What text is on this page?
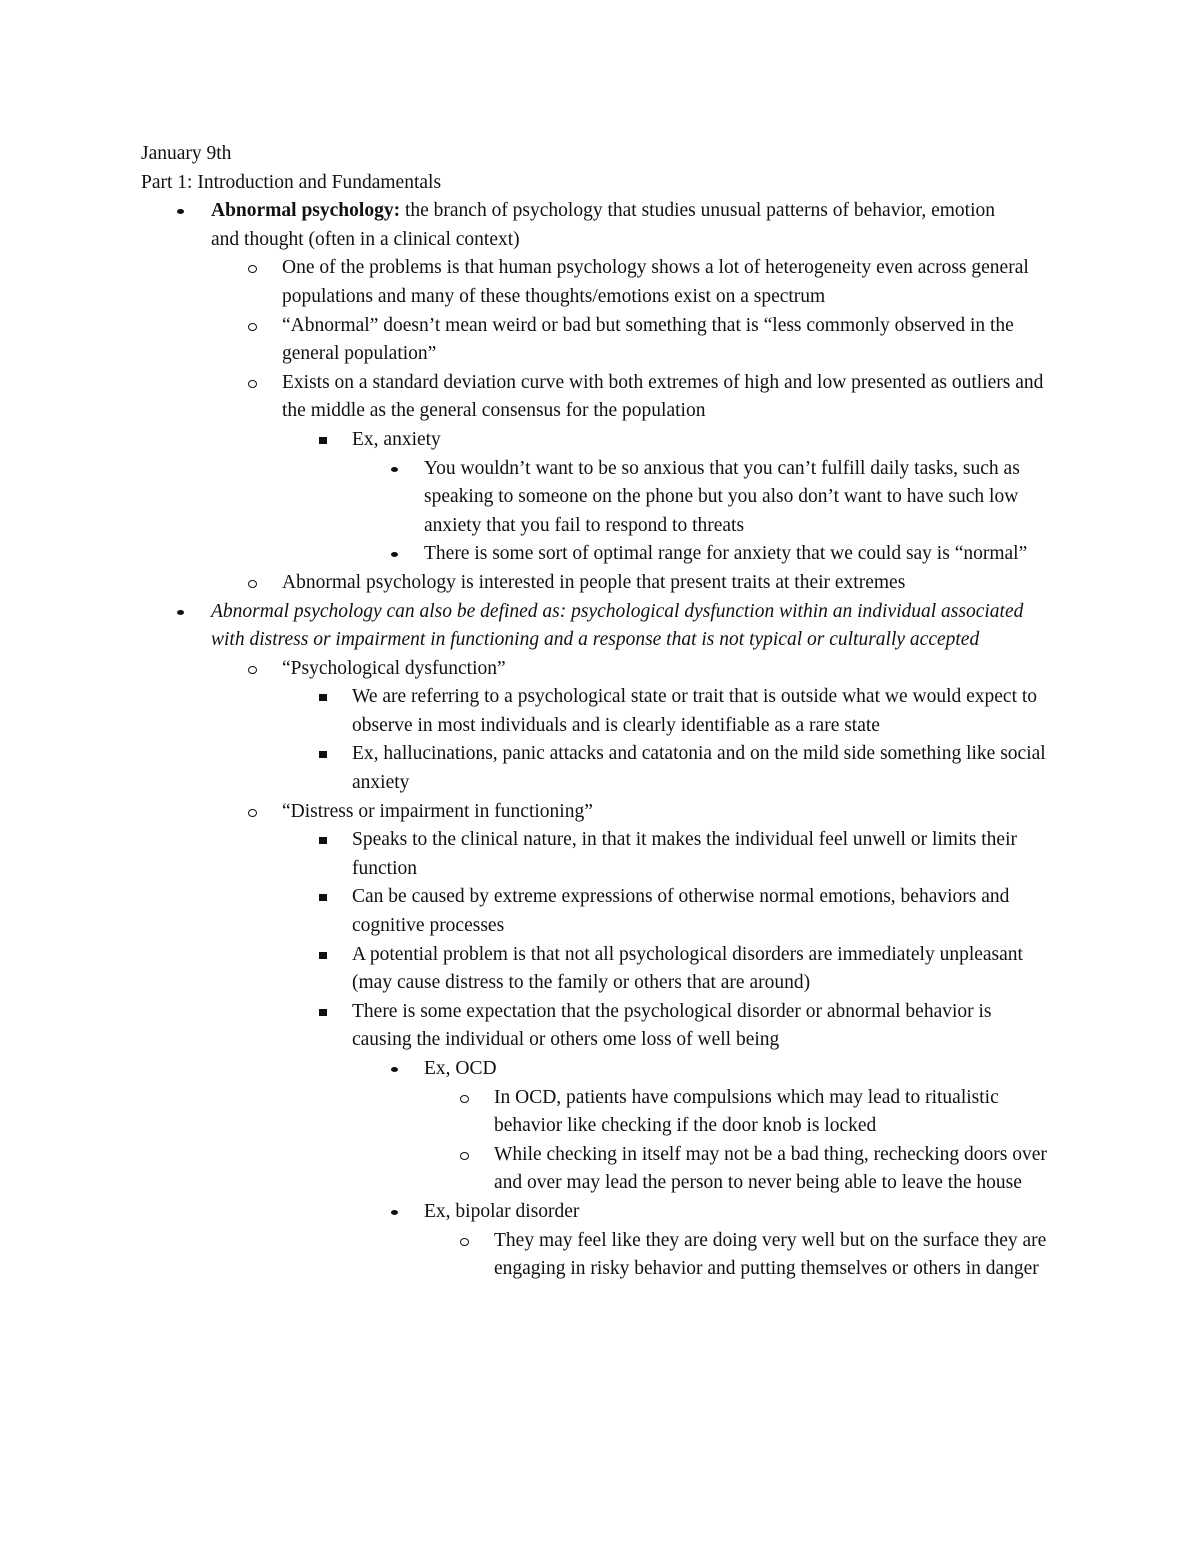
January 9th
Part 1: Introduction and Fundamentals
Abnormal psychology: the branch of psychology that studies unusual patterns of behavior, emotion and thought (often in a clinical context)
One of the problems is that human psychology shows a lot of heterogeneity even across general populations and many of these thoughts/emotions exist on a spectrum
“Abnormal” doesn’t mean weird or bad but something that is “less commonly observed in the general population”
Exists on a standard deviation curve with both extremes of high and low presented as outliers and the middle as the general consensus for the population
Ex, anxiety
You wouldn’t want to be so anxious that you can’t fulfill daily tasks, such as speaking to someone on the phone but you also don’t want to have such low anxiety that you fail to respond to threats
There is some sort of optimal range for anxiety that we could say is “normal”
Abnormal psychology is interested in people that present traits at their extremes
Abnormal psychology can also be defined as: psychological dysfunction within an individual associated with distress or impairment in functioning and a response that is not typical or culturally accepted
“Psychological dysfunction”
We are referring to a psychological state or trait that is outside what we would expect to observe in most individuals and is clearly identifiable as a rare state
Ex, hallucinations, panic attacks and catatonia and on the mild side something like social anxiety
“Distress or impairment in functioning”
Speaks to the clinical nature, in that it makes the individual feel unwell or limits their function
Can be caused by extreme expressions of otherwise normal emotions, behaviors and cognitive processes
A potential problem is that not all psychological disorders are immediately unpleasant (may cause distress to the family or others that are around)
There is some expectation that the psychological disorder or abnormal behavior is causing the individual or others ome loss of well being
Ex, OCD
In OCD, patients have compulsions which may lead to ritualistic behavior like checking if the door knob is locked
While checking in itself may not be a bad thing, rechecking doors over and over may lead the person to never being able to leave the house
Ex, bipolar disorder
They may feel like they are doing very well but on the surface they are engaging in risky behavior and putting themselves or others in danger
